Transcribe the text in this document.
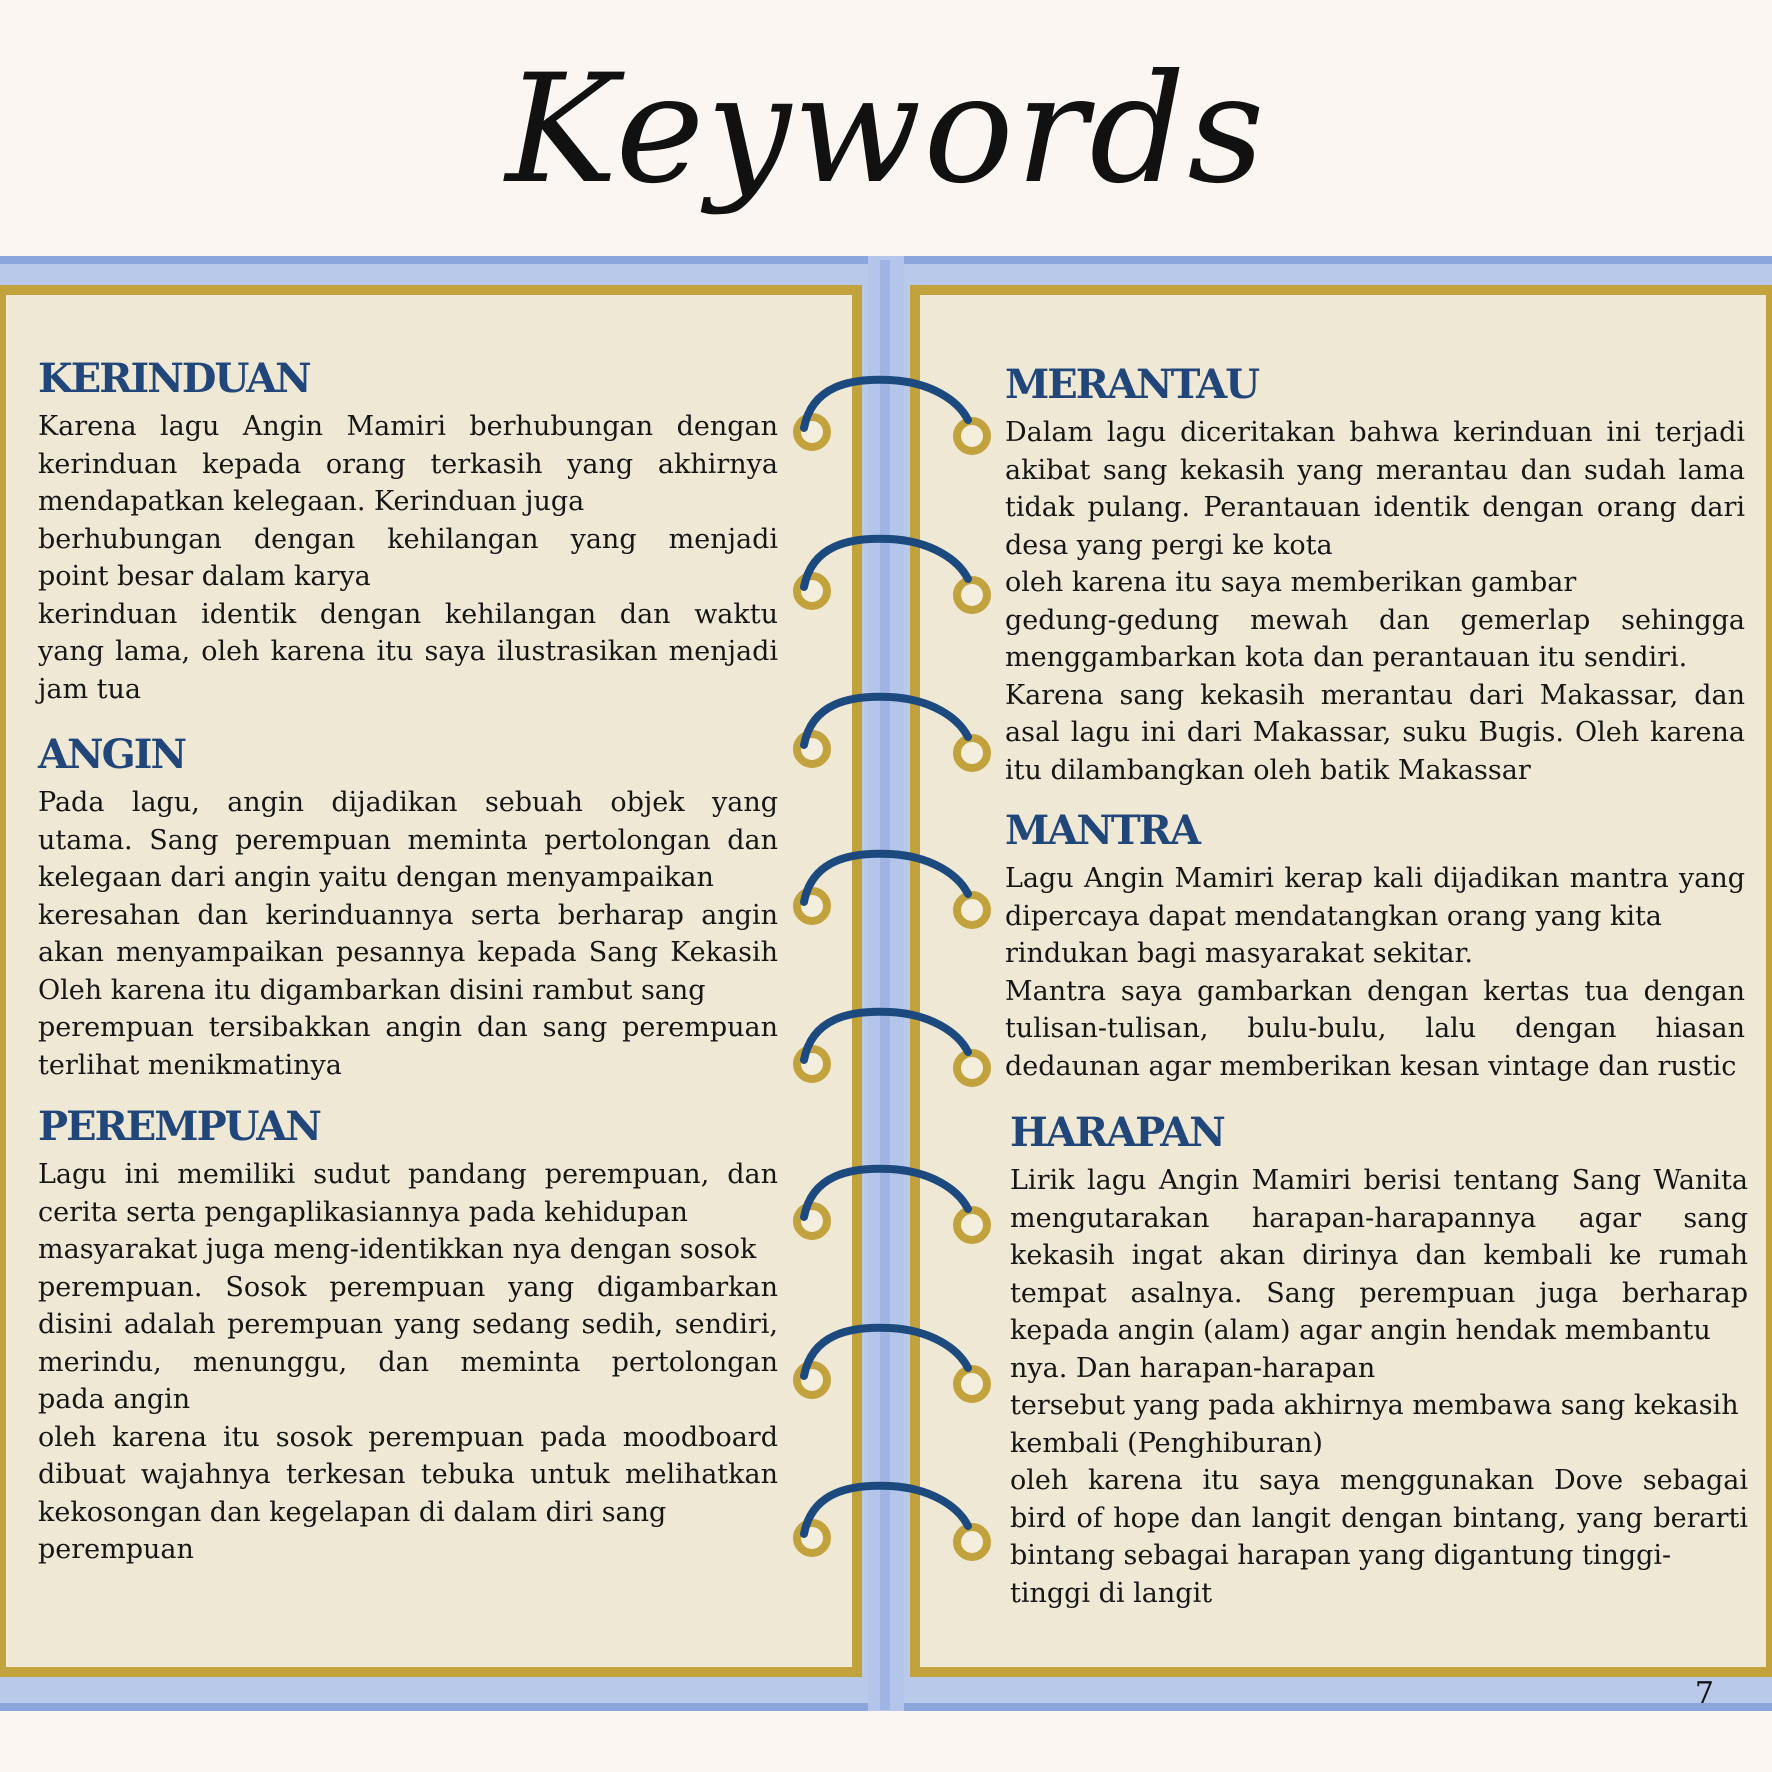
Keywords
KERINDUAN

Karena lagu Angin Mamiri berhubungan dengan
kerinduan kepada orang terkasih yang akhirnya
mendapatkan kelegaan. Kerinduan juga
berhubungan dengan kehilangan yang menjadi
point besar dalam karya
kerinduan identik dengan kehilangan dan waktu
yang lama, oleh karena itu saya ilustrasikan menjadi
jam tua

ANGIN

Pada lagu, angin dijadikan sebuah objek yang
utama. Sang perempuan meminta pertolongan dan
kelegaan dari angin yaitu dengan menyampaikan
keresahan dan kerinduannya serta berharap angin
akan menyampaikan pesannya kepada Sang Kekasih
Oleh karena itu digambarkan disini rambut sang
perempuan tersibakkan angin dan sang perempuan
terlihat menikmatinya

PEREMPUAN

Lagu ini memiliki sudut pandang perempuan, dan
cerita serta pengaplikasiannya pada kehidupan
masyarakat juga meng-identikkan nya dengan sosok
perempuan. Sosok perempuan yang digambarkan
disini adalah perempuan yang sedang sedih, sendiri,
merindu, menunggu, dan meminta pertolongan
pada angin
oleh karena itu sosok perempuan pada moodboard
dibuat wajahnya terkesan tebuka untuk melihatkan
kekosongan dan kegelapan di dalam diri sang
perempuan

MERANTAU

Dalam lagu diceritakan bahwa kerinduan ini terjadi
akibat sang kekasih yang merantau dan sudah lama
tidak pulang. Perantauan identik dengan orang dari
desa yang pergi ke kota
oleh karena itu saya memberikan gambar
gedung-gedung mewah dan gemerlap sehingga
menggambarkan kota dan perantauan itu sendiri.
Karena sang kekasih merantau dari Makassar, dan
asal lagu ini dari Makassar, suku Bugis. Oleh karena
itu dilambangkan oleh batik Makassar

MANTRA

Lagu Angin Mamiri kerap kali dijadikan mantra yang
dipercaya dapat mendatangkan orang yang kita
rindukan bagi masyarakat sekitar.
Mantra saya gambarkan dengan kertas tua dengan
tulisan-tulisan, bulu-bulu, lalu dengan hiasan
dedaunan agar memberikan kesan vintage dan rustic

HARAPAN

Lirik lagu Angin Mamiri berisi tentang Sang Wanita
mengutarakan harapan-harapannya agar sang
kekasih ingat akan dirinya dan kembali ke rumah
tempat asalnya. Sang perempuan juga berharap
kepada angin (alam) agar angin hendak membantu
nya. Dan harapan-harapan
tersebut yang pada akhirnya membawa sang kekasih
kembali (Penghiburan)
oleh karena itu saya menggunakan Dove sebagai
bird of hope dan langit dengan bintang, yang berarti
bintang sebagai harapan yang digantung tinggi-
tinggi di langit

7
